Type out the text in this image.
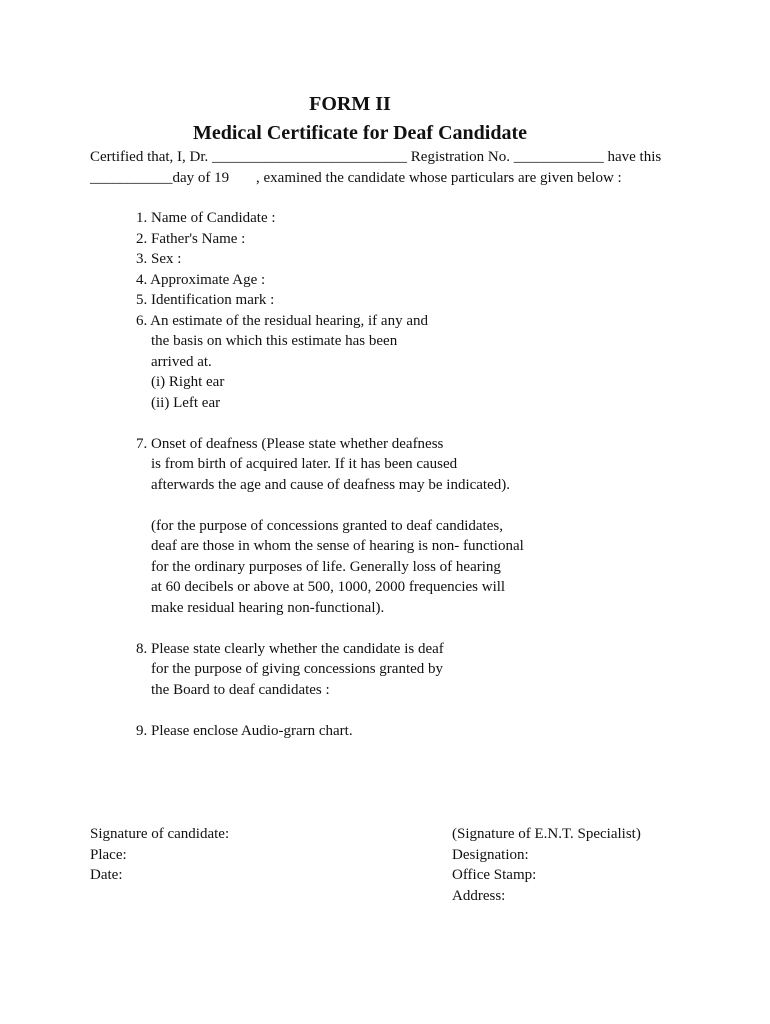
FORM II
Medical Certificate for Deaf Candidate
Certified that, I, Dr. __________________________ Registration No. ____________ have this
___________day of 19 , examined the candidate whose particulars are given below :
1. Name of Candidate :
2. Father's Name :
3. Sex :
4. Approximate Age :
5. Identification mark :
6. An estimate of the residual hearing, if any and
the basis on which this estimate has been
arrived at.
(i) Right ear
(ii) Left ear
7. Onset of deafness (Please state whether deafness
is from birth of acquired later. If it has been caused
afterwards the age and cause of deafness may be indicated).
(for the purpose of concessions granted to deaf candidates,
deaf are those in whom the sense of hearing is non- functional
for the ordinary purposes of life. Generally loss of hearing
at 60 decibels or above at 500, 1000, 2000 frequencies will
make residual hearing non-functional).
8. Please state clearly whether the candidate is deaf
for the purpose of giving concessions granted by
the Board to deaf candidates :
9. Please enclose Audio-grarn chart.
Signature of candidate:
Place:
Date:
(Signature of E.N.T. Specialist)
Designation:
Office Stamp:
Address:
